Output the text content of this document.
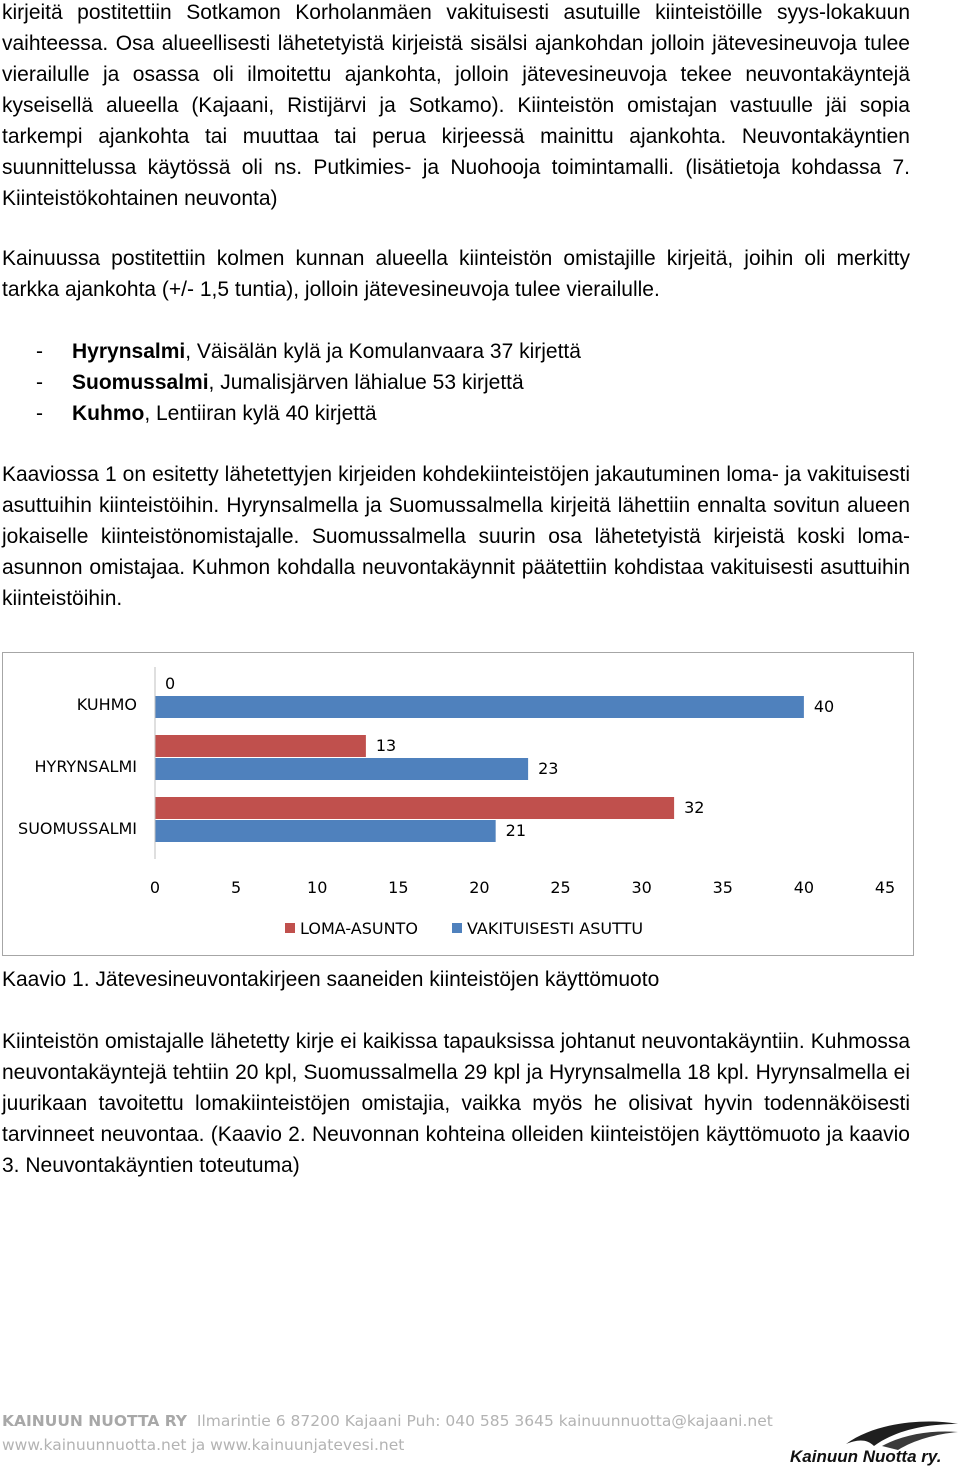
kirjeitä postitettiin Sotkamon Korholanmäen vakituisesti asutuille kiinteistöille syys-lokakuun vaihteessa. Osa alueellisesti lähetetyistä kirjeistä sisälsi ajankohdan jolloin jätevesineuvoja tulee vierailulle ja osassa oli ilmoitettu ajankohta, jolloin jätevesineuvoja tekee neuvontakäyntejä kyseisellä alueella (Kajaani, Ristijärvi ja Sotkamo). Kiinteistön omistajan vastuulle jäi sopia tarkempi ajankohta tai muuttaa tai perua kirjeessä mainittu ajankohta. Neuvontakäyntien suunnittelussa käytössä oli ns. Putkimies- ja Nuohooja toimintamalli. (lisätietoja kohdassa 7. Kiinteistökohtainen neuvonta)

Kainuussa postitettiin kolmen kunnan alueella kiinteistön omistajille kirjeitä, joihin oli merkitty tarkka ajankohta (+/- 1,5 tuntia), jolloin jätevesineuvoja tulee vierailulle.

- Hyrynsalmi, Väisälän kylä ja Komulanvaara 37 kirjettä
- Suomussalmi, Jumalisjärven lähialue 53 kirjettä
- Kuhmo, Lentiiran kylä 40 kirjettä

Kaaviossa 1 on esitetty lähetettyjen kirjeiden kohdekiinteistöjen jakautuminen loma- ja vakituisesti asuttuihin kiinteistöihin. Hyrynsalmella ja Suomussalmella kirjeitä lähettiin ennalta sovitun alueen jokaiselle kiinteistönomistajalle. Suomussalmella suurin osa lähetetyistä kirjeistä koski loma-asunnon omistajaa. Kuhmon kohdalla neuvontakäynnit päätettiin kohdistaa vakituisesti asuttuihin kiinteistöihin.

KUHMO
0
40
HYRYNSALMI
13
23
SUOMUSSALMI
32
21
0	5	10	15	20	25	30	35	40	45
LOMA-ASUNTO	VAKITUISESTI ASUTTU
Kaavio 1. Jätevesineuvontakirjeen saaneiden kiinteistöjen käyttömuoto

Kiinteistön omistajalle lähetetty kirje ei kaikissa tapauksissa johtanut neuvontakäyntiin. Kuhmossa neuvontakäyntejä tehtiin 20 kpl, Suomussalmella 29 kpl ja Hyrynsalmella 18 kpl. Hyrynsalmella ei juurikaan tavoitettu lomakiinteistöjen omistajia, vaikka myös he olisivat hyvin todennäköisesti tarvinneet neuvontaa. (Kaavio 2. Neuvonnan kohteina olleiden kiinteistöjen käyttömuoto ja kaavio 3. Neuvontakäyntien toteutuma)

KAINUUN NUOTTA RY Ilmarintie 6 87200 Kajaani Puh: 040 585 3645 kainuunnuotta@kajaani.net
www.kainuunnuotta.net ja www.kainuunjatevesi.net
Kainuun Nuotta ry.
